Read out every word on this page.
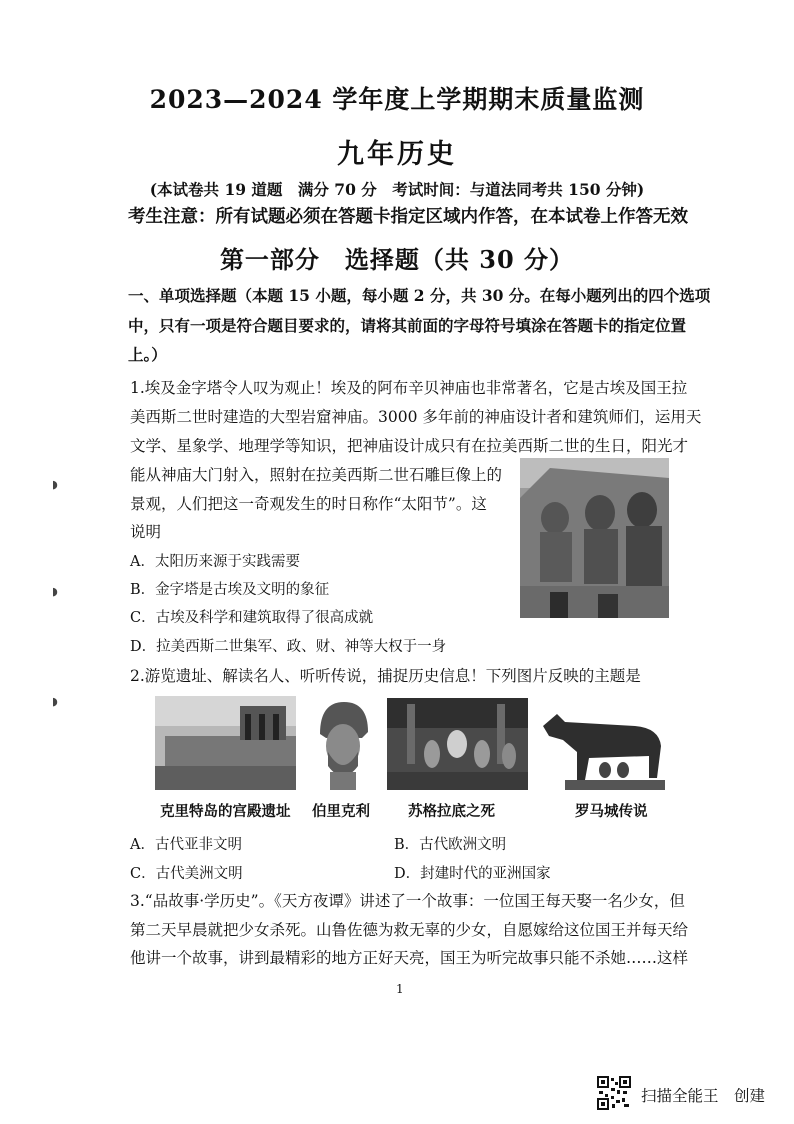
2023—2024 学年度上学期期末质量监测
九年历史
(本试卷共 19 道题　满分 70 分　考试时间：与道法同考共 150 分钟)
考生注意：所有试题必须在答题卡指定区域内作答，在本试卷上作答无效
第一部分　选择题（共 30 分）
一、单项选择题（本题 15 小题，每小题 2 分，共 30 分。在每小题列出的四个选项
中，只有一项是符合题目要求的，请将其前面的字母符号填涂在答题卡的指定位置
上。）
1.埃及金字塔令人叹为观止！埃及的阿布辛贝神庙也非常著名，它是古埃及国王拉
美西斯二世时建造的大型岩窟神庙。3000 多年前的神庙设计者和建筑师们，运用天
文学、星象学、地理学等知识，把神庙设计成只有在拉美西斯二世的生日，阳光才
能从神庙大门射入，照射在拉美西斯二世石雕巨像上的
景观，人们把这一奇观发生的时日称作“太阳节”。这
说明
A．太阳历来源于实践需要
B．金字塔是古埃及文明的象征
C．古埃及科学和建筑取得了很高成就
D．拉美西斯二世集军、政、财、神等大权于一身
2.游览遗址、解读名人、听听传说，捕捉历史信息！下列图片反映的主题是
克里特岛的宫殿遗址 伯里克利	苏格拉底之死	罗马城传说
A．古代亚非文明	B．古代欧洲文明
C．古代美洲文明	D．封建时代的亚洲国家
3.“品故事·学历史”。《天方夜谭》讲述了一个故事：一位国王每天娶一名少女，但
第二天早晨就把少女杀死。山鲁佐德为救无辜的少女，自愿嫁给这位国王并每天给
他讲一个故事，讲到最精彩的地方正好天亮，国王为听完故事只能不杀她……这样
1
◗
◗
◗
扫描全能王　创建
